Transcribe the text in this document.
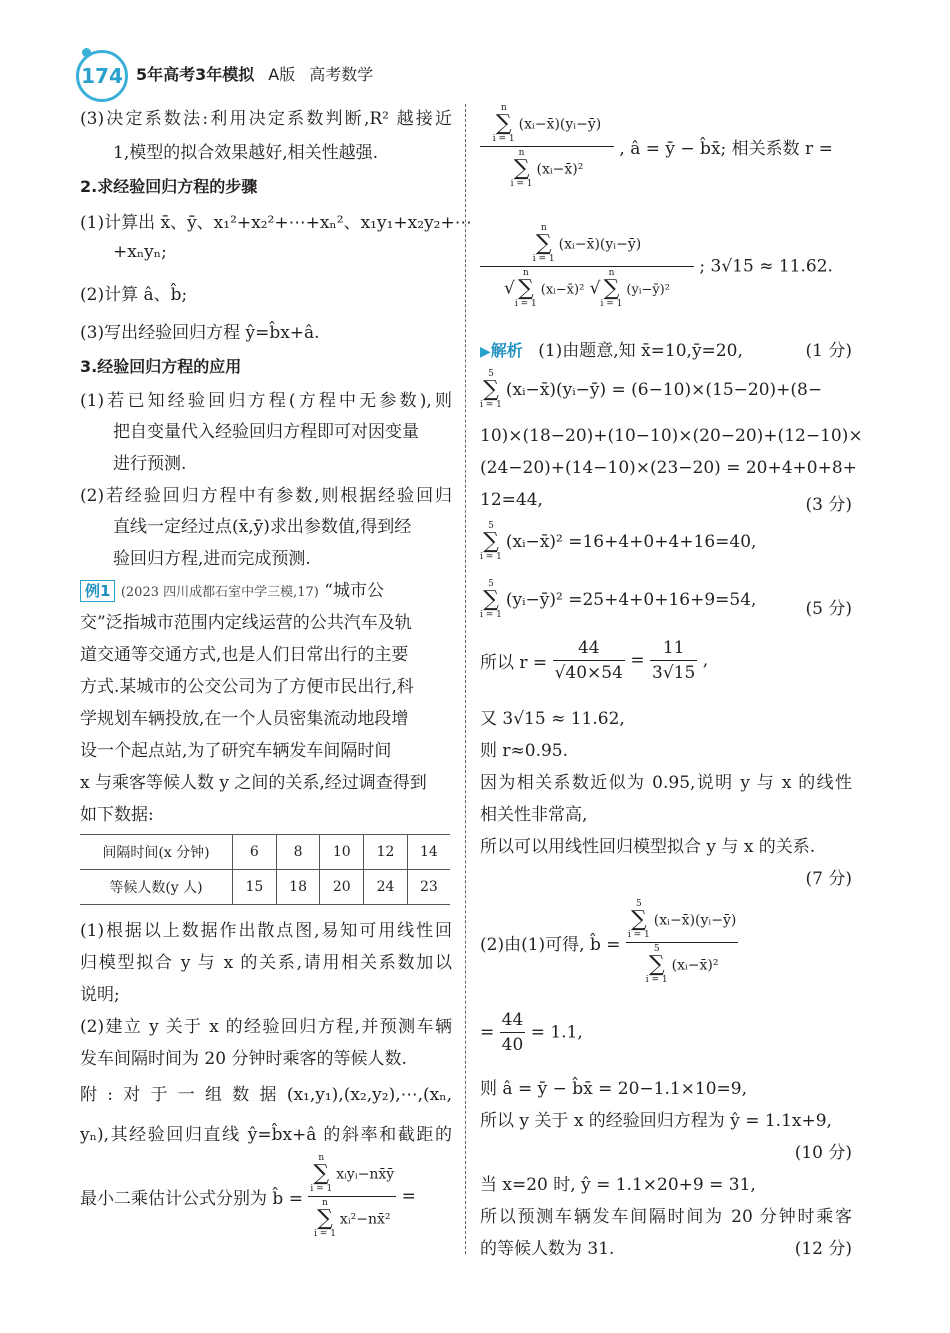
174 5年高考3年模拟 A版 高考数学
(3)决定系数法:利用决定系数判断,R² 越接近
1,模型的拟合效果越好,相关性越强.
2.求经验回归方程的步骤
(1)计算出 x̄、ȳ、x₁²+x₂²+⋯+xₙ²、x₁y₁+x₂y₂+⋯
+xₙyₙ;
(2)计算 â、b̂;
(3)写出经验回归方程 ŷ=b̂x+â.
3.经验回归方程的应用
(1)若已知经验回归方程(方程中无参数),则
把自变量代入经验回归方程即可对因变量
进行预测.
(2)若经验回归方程中有参数,则根据经验回归
直线一定经过点(x̄,ȳ)求出参数值,得到经
验回归方程,进而完成预测.
例1 (2023 四川成都石室中学三模,17) “城市公
交”泛指城市范围内定线运营的公共汽车及轨
道交通等交通方式,也是人们日常出行的主要
方式.某城市的公交公司为了方便市民出行,科
学规划车辆投放,在一个人员密集流动地段增
设一个起点站,为了研究车辆发车间隔时间
x 与乘客等候人数 y 之间的关系,经过调查得到
如下数据:
间隔时间(x 分钟)	6	8	10	12	14
等候人数(y 人)	15	18	20	24	23
(1)根据以上数据作出散点图,易知可用线性回
归模型拟合 y 与 x 的关系,请用相关系数加以
说明;
(2)建立 y 关于 x 的经验回归方程,并预测车辆
发车间隔时间为 20 分钟时乘客的等候人数.
附:对于一组数据(x₁,y₁),(x₂,y₂),⋯,(xₙ,
yₙ),其经验回归直线 ŷ=b̂x+â 的斜率和截距的
最小二乘估计公式分别为 b̂ = n
∑
i = 1
xᵢyᵢ−nx̄ȳ
n
∑
i = 1
xᵢ²−nx̄² =
n
∑
i = 1
(xᵢ−x̄)(yᵢ−ȳ)
n
∑
i = 1
(xᵢ−x̄)² , â = ȳ − b̂x̄; 相关系数 r =
n
∑
i = 1
(xᵢ−x̄)(yᵢ−ȳ)
√
n
∑
i = 1
(xᵢ−x̄)² √
n
∑
i = 1
(yᵢ−ȳ)² ; 3√15 ≈ 11.62.
▶解析 (1)由题意,知 x̄=10,ȳ=20,	(1 分)
5
∑
i = 1
(xᵢ−x̄)(yᵢ−ȳ) = (6−10)×(15−20)+(8−
10)×(18−20)+(10−10)×(20−20)+(12−10)×
(24−20)+(14−10)×(23−20) = 20+4+0+8+
12=44,	(3 分)
5
∑
i = 1
(xᵢ−x̄)² =16+4+0+4+16=40,
5
∑
i = 1
(yᵢ−ȳ)² =25+4+0+16+9=54,	(5 分)
所以 $r = \frac{44}{√40\times 54} = \frac{11}{3√15}$ ,
又 3√15 ≈ 11.62,
则 r≈0.95.
因为相关系数近似为 0.95,说明 y 与 x 的线性
相关性非常高,
所以可以用线性回归模型拟合 y 与 x 的关系.
(7 分)
(2)由(1)可得, b̂ = 5
∑
i = 1
(xᵢ−x̄)(yᵢ−ȳ)
5
∑
i = 1
(xᵢ−x̄)²
= $\frac{44}{40} = 1.1$,
则 â = ȳ − b̂x̄ = 20−1.1×10=9,
所以 y 关于 x 的经验回归方程为 ŷ = 1.1x+9,
(10 分)
当 x=20 时, ŷ = 1.1×20+9 = 31,
所以预测车辆发车间隔时间为 20 分钟时乘客
的等候人数为 31.	(12 分)
